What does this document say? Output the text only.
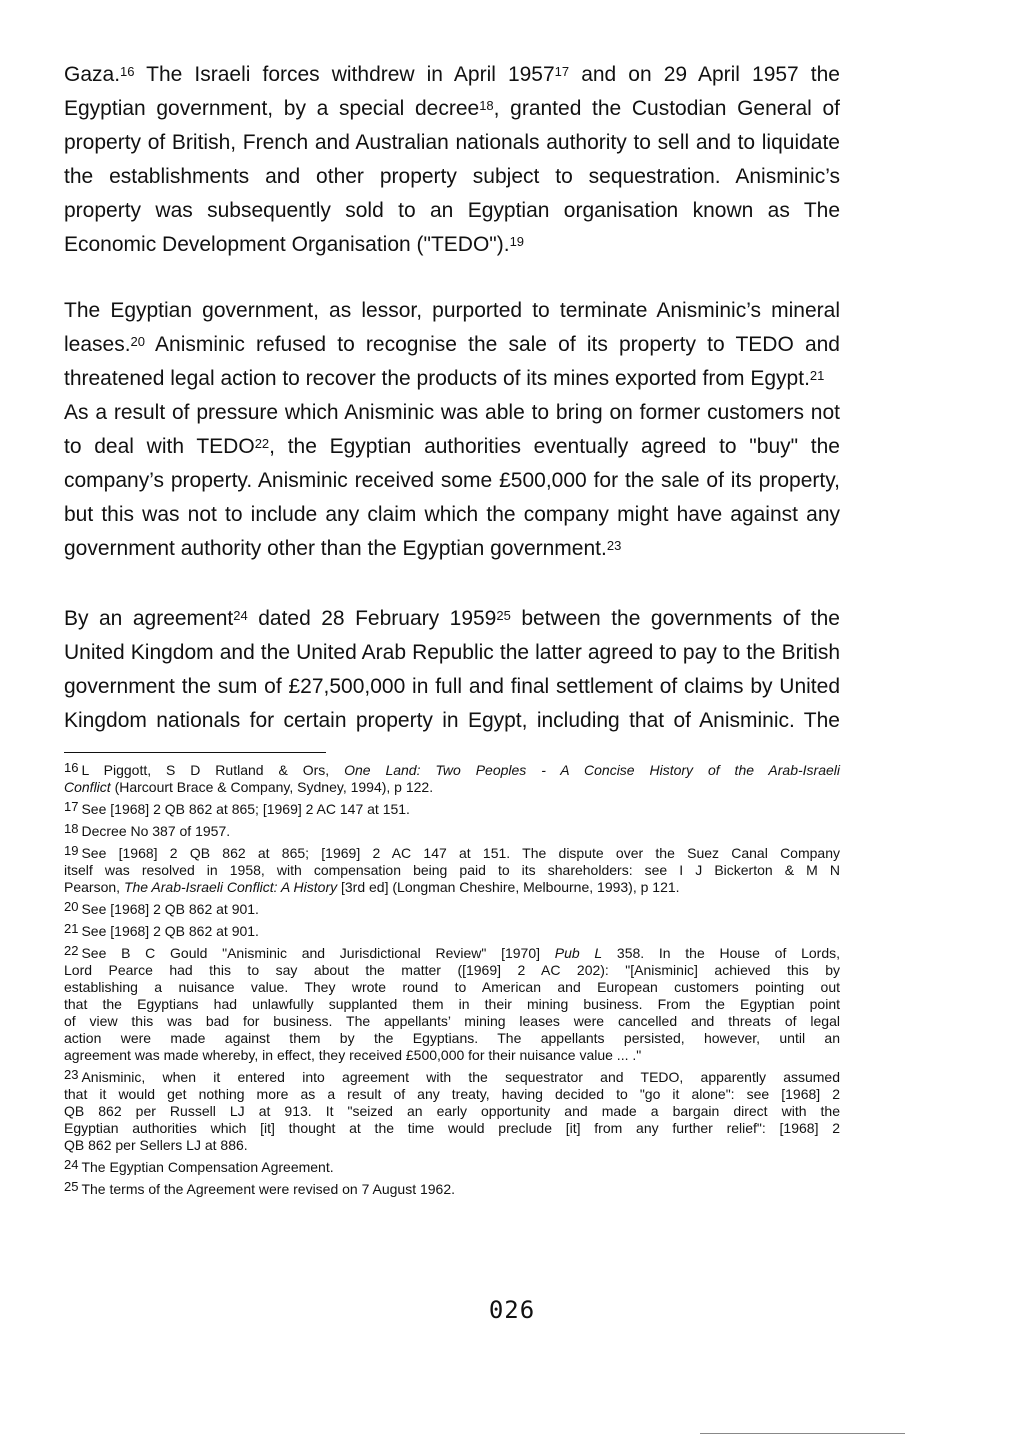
Gaza.$^{16}$ The Israeli forces withdrew in April 1957$^{17}$ and on 29 April 1957 the
Egyptian government, by a special decree$^{18}$, granted the Custodian General of
property of British, French and Australian nationals authority to sell and to liquidate
the establishments and other property subject to sequestration. Anisminic’s
property was subsequently sold to an Egyptian organisation known as The
Economic Development Organisation ("TEDO").$^{19}$
The Egyptian government, as lessor, purported to terminate Anisminic’s mineral
leases.$^{20}$ Anisminic refused to recognise the sale of its property to TEDO and
threatened legal action to recover the products of its mines exported from Egypt.$^{21}$
As a result of pressure which Anisminic was able to bring on former customers not
to deal with TEDO$^{22}$, the Egyptian authorities eventually agreed to "buy" the
company’s property. Anisminic received some £500,000 for the sale of its property,
but this was not to include any claim which the company might have against any
government authority other than the Egyptian government.$^{23}$
By an agreement$^{24}$ dated 28 February 1959$^{25}$ between the governments of the
United Kingdom and the United Arab Republic the latter agreed to pay to the British
government the sum of £27,500,000 in full and final settlement of claims by United
Kingdom nationals for certain property in Egypt, including that of Anisminic. The
16 L Piggott, S D Rutland & Ors, One Land: Two Peoples - A Concise History of the Arab-Israeli
Conflict (Harcourt Brace & Company, Sydney, 1994), p 122.
17 See [1968] 2 QB 862 at 865; [1969] 2 AC 147 at 151.
18 Decree No 387 of 1957.
19 See [1968] 2 QB 862 at 865; [1969] 2 AC 147 at 151. The dispute over the Suez Canal Company
itself was resolved in 1958, with compensation being paid to its shareholders: see I J Bickerton & M N
Pearson, The Arab-Israeli Conflict: A History [3rd ed] (Longman Cheshire, Melbourne, 1993), p 121.
20 See [1968] 2 QB 862 at 901.
21 See [1968] 2 QB 862 at 901.
22 See B C Gould "Anisminic and Jurisdictional Review" [1970] Pub L 358. In the House of Lords,
Lord Pearce had this to say about the matter ([1969] 2 AC 202): "[Anisminic] achieved this by
establishing a nuisance value. They wrote round to American and European customers pointing out
that the Egyptians had unlawfully supplanted them in their mining business. From the Egyptian point
of view this was bad for business. The appellants’ mining leases were cancelled and threats of legal
action were made against them by the Egyptians. The appellants persisted, however, until an
agreement was made whereby, in effect, they received £500,000 for their nuisance value ... ."
23 Anisminic, when it entered into agreement with the sequestrator and TEDO, apparently assumed
that it would get nothing more as a result of any treaty, having decided to "go it alone": see [1968] 2
QB 862 per Russell LJ at 913. It "seized an early opportunity and made a bargain direct with the
Egyptian authorities which [it] thought at the time would preclude [it] from any further relief": [1968] 2
QB 862 per Sellers LJ at 886.
24 The Egyptian Compensation Agreement.
25 The terms of the Agreement were revised on 7 August 1962.
026
